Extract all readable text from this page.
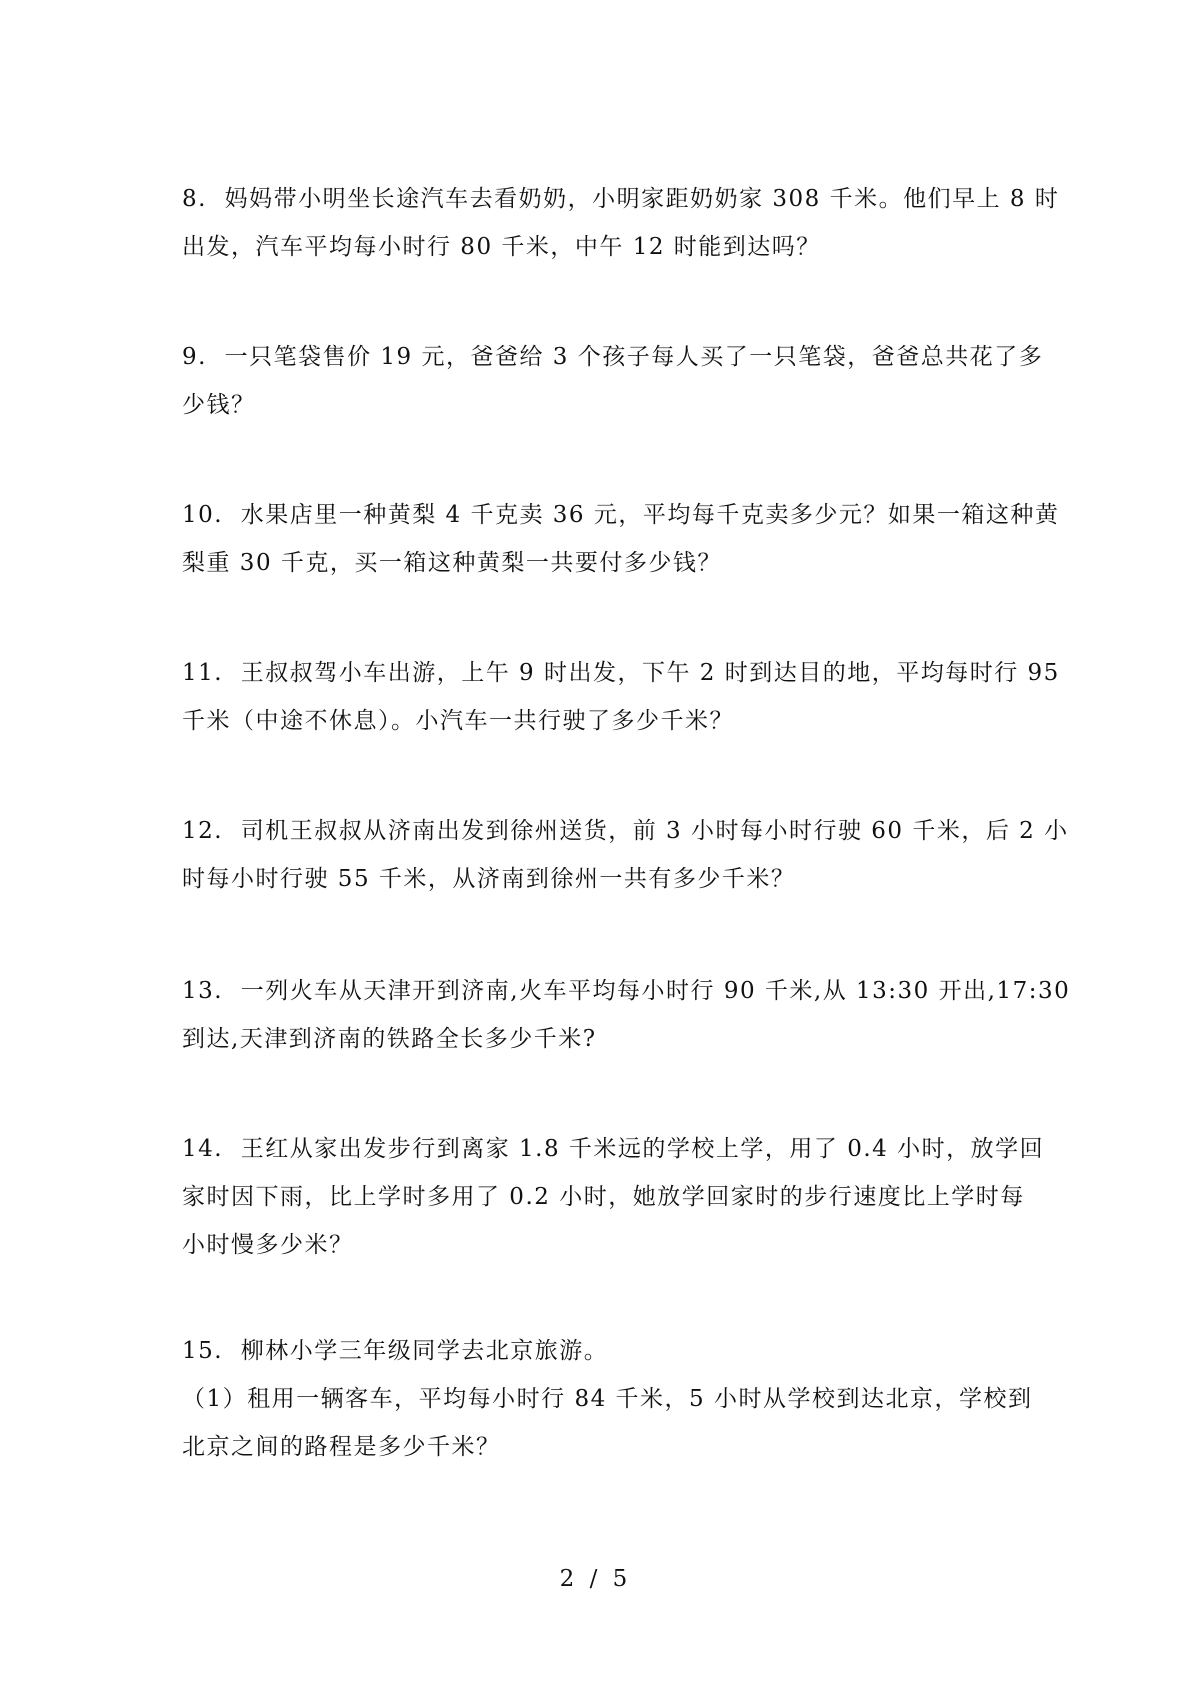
8. 妈妈带小明坐长途汽车去看奶奶，小明家距奶奶家 308 千米。他们早上 8 时
出发，汽车平均每小时行 80 千米，中午 12 时能到达吗？
9. 一只笔袋售价 19 元，爸爸给 3 个孩子每人买了一只笔袋，爸爸总共花了多
少钱？
10. 水果店里一种黄梨 4 千克卖 36 元，平均每千克卖多少元？如果一箱这种黄
梨重 30 千克，买一箱这种黄梨一共要付多少钱？
11. 王叔叔驾小车出游，上午 9 时出发，下午 2 时到达目的地，平均每时行 95
千米（中途不休息）。小汽车一共行驶了多少千米？
12. 司机王叔叔从济南出发到徐州送货，前 3 小时每小时行驶 60 千米，后 2 小
时每小时行驶 55 千米，从济南到徐州一共有多少千米？
13. 一列火车从天津开到济南,火车平均每小时行 90 千米,从 13:30 开出,17:30
到达,天津到济南的铁路全长多少千米?
14. 王红从家出发步行到离家 1.8 千米远的学校上学，用了 0.4 小时，放学回
家时因下雨，比上学时多用了 0.2 小时，她放学回家时的步行速度比上学时每
小时慢多少米？
15. 柳林小学三年级同学去北京旅游。
（1）租用一辆客车，平均每小时行 84 千米，5 小时从学校到达北京，学校到
北京之间的路程是多少千米？
2 / 5
